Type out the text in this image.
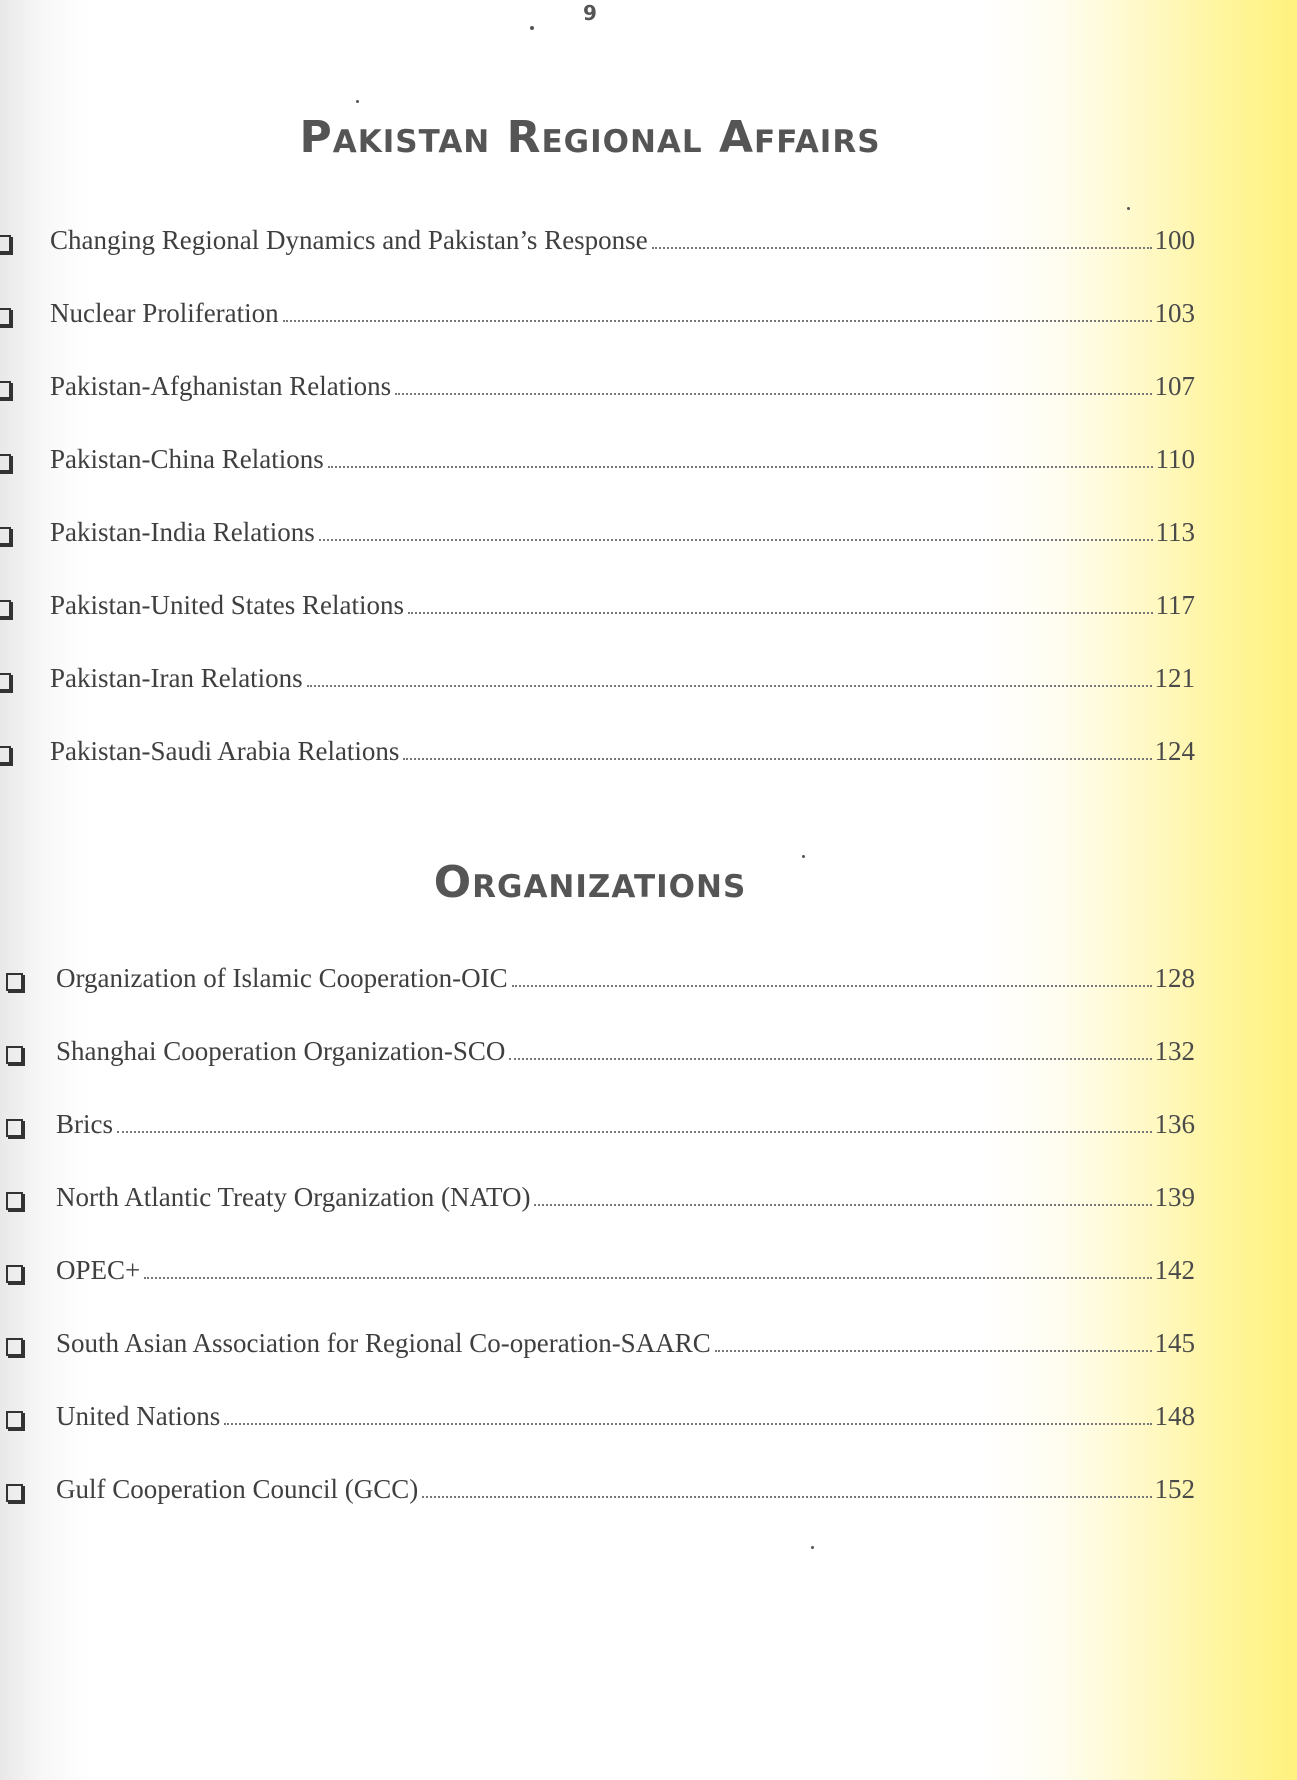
9
Pakistan Regional Affairs
Changing Regional Dynamics and Pakistan’s Response	100
Nuclear Proliferation	103
Pakistan-Afghanistan Relations	107
Pakistan-China Relations	110
Pakistan-India Relations	113
Pakistan-United States Relations	117
Pakistan-Iran Relations	121
Pakistan-Saudi Arabia Relations	124
Organizations
Organization of Islamic Cooperation-OIC	128
Shanghai Cooperation Organization-SCO	132
Brics	136
North Atlantic Treaty Organization (NATO)	139
OPEC+	142
South Asian Association for Regional Co-operation-SAARC	145
United Nations	148
Gulf Cooperation Council (GCC)	152
